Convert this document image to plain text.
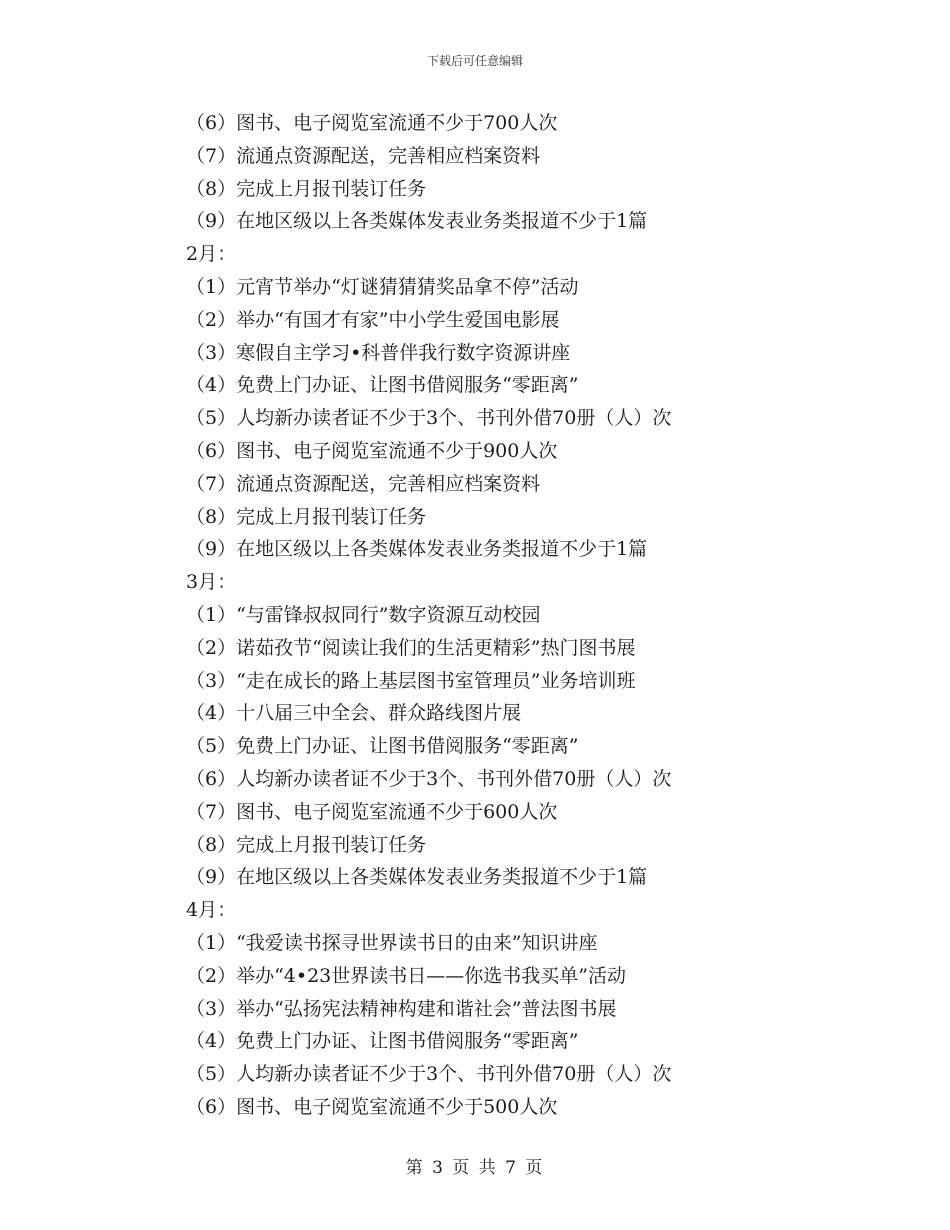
下载后可任意编辑
（6）图书、电子阅览室流通不少于700人次
（7）流通点资源配送，完善相应档案资料
（8）完成上月报刊装订任务
（9）在地区级以上各类媒体发表业务类报道不少于1篇
2月：
（1）元宵节举办“灯谜猜猜猜奖品拿不停”活动
（2）举办“有国才有家”中小学生爱国电影展
（3）寒假自主学习•科普伴我行数字资源讲座
（4）免费上门办证、让图书借阅服务“零距离”
（5）人均新办读者证不少于3个、书刊外借70册（人）次
（6）图书、电子阅览室流通不少于900人次
（7）流通点资源配送，完善相应档案资料
（8）完成上月报刊装订任务
（9）在地区级以上各类媒体发表业务类报道不少于1篇
3月：
（1）“与雷锋叔叔同行”数字资源互动校园
（2）诺茹孜节“阅读让我们的生活更精彩”热门图书展
（3）“走在成长的路上基层图书室管理员”业务培训班
（4）十八届三中全会、群众路线图片展
（5）免费上门办证、让图书借阅服务“零距离”
（6）人均新办读者证不少于3个、书刊外借70册（人）次
（7）图书、电子阅览室流通不少于600人次
（8）完成上月报刊装订任务
（9）在地区级以上各类媒体发表业务类报道不少于1篇
4月：
（1）“我爱读书探寻世界读书日的由来”知识讲座
（2）举办“4•23世界读书日——你选书我买单”活动
（3）举办“弘扬宪法精神构建和谐社会”普法图书展
（4）免费上门办证、让图书借阅服务“零距离”
（5）人均新办读者证不少于3个、书刊外借70册（人）次
（6）图书、电子阅览室流通不少于500人次
第 3 页 共 7 页
